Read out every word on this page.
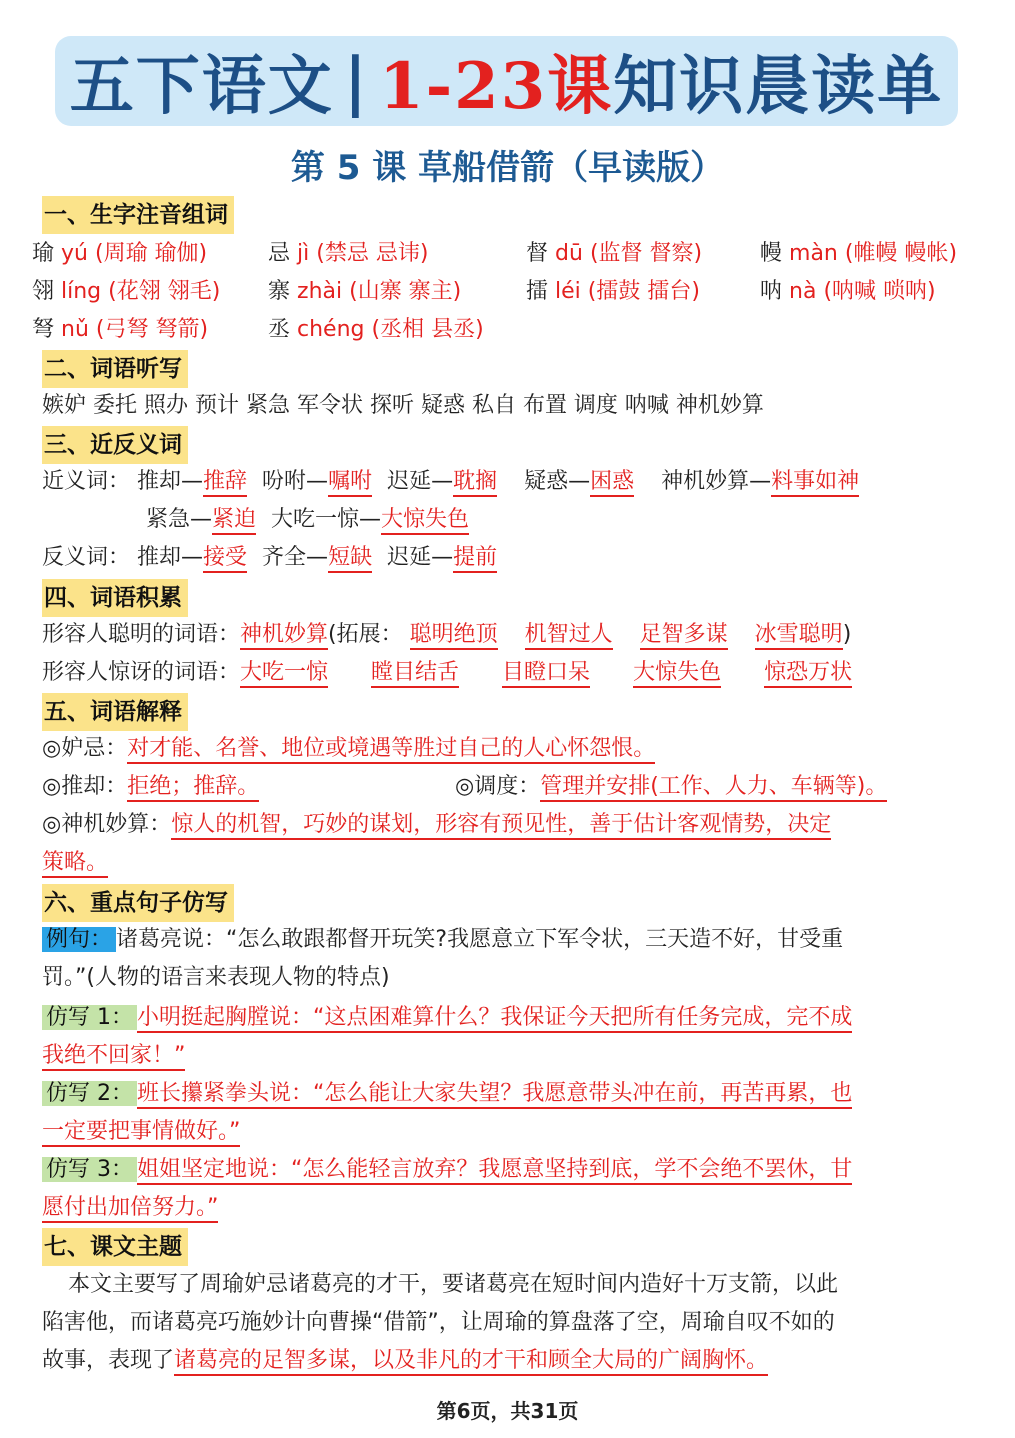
五下语文 | 1-23课 知识晨读单
第 5 课 草船借箭（早读版）
一、生字注音组词
瑜 yú (周瑜 瑜伽)	忌 jì (禁忌 忌讳)	督 dū (监督 督察)	幔 màn (帷幔 幔帐)
翎 líng (花翎 翎毛) 寨 zhài (山寨 寨主)	擂 léi (擂鼓 擂台)	呐 nà (呐喊 唢呐)
弩 nǔ (弓弩 弩箭)	丞 chéng (丞相 县丞)
二、词语听写
嫉妒 委托 照办 预计 紧急 军令状 探听 疑惑 私自 布置 调度 呐喊 神机妙算
三、近反义词
近义词： 推却—推辞 吩咐—嘱咐 迟延—耽搁 疑惑—困惑 神机妙算—料事如神
紧急—紧迫 大吃一惊—大惊失色
反义词： 推却—接受 齐全—短缺 迟延—提前
四、词语积累
形容人聪明的词语：神机妙算(拓展： 聪明绝顶 机智过人 足智多谋 冰雪聪明)
形容人惊讶的词语：大吃一惊 瞠目结舌 目瞪口呆 大惊失色 惊恐万状
五、词语解释
◎妒忌：对才能、名誉、地位或境遇等胜过自己的人心怀怨恨。
◎推却：拒绝；推辞。	◎调度：管理并安排(工作、人力、车辆等)。
◎神机妙算：惊人的机智，巧妙的谋划，形容有预见性，善于估计客观情势，决定
策略。
六、重点句子仿写
例句： 诸葛亮说：“怎么敢跟都督开玩笑?我愿意立下军令状，三天造不好，甘受重
罚。”(人物的语言来表现人物的特点)
仿写 1： 小明挺起胸膛说：“这点困难算什么？我保证今天把所有任务完成，完不成
我绝不回家！”
仿写 2： 班长攥紧拳头说：“怎么能让大家失望？我愿意带头冲在前，再苦再累，也
一定要把事情做好。”
仿写 3： 姐姐坚定地说：“怎么能轻言放弃？我愿意坚持到底，学不会绝不罢休，甘
愿付出加倍努力。”
七、课文主题
本文主要写了周瑜妒忌诸葛亮的才干，要诸葛亮在短时间内造好十万支箭，以此
陷害他，而诸葛亮巧施妙计向曹操“借箭”，让周瑜的算盘落了空，周瑜自叹不如的
故事，表现了诸葛亮的足智多谋，以及非凡的才干和顾全大局的广阔胸怀。
第6页，共31页
